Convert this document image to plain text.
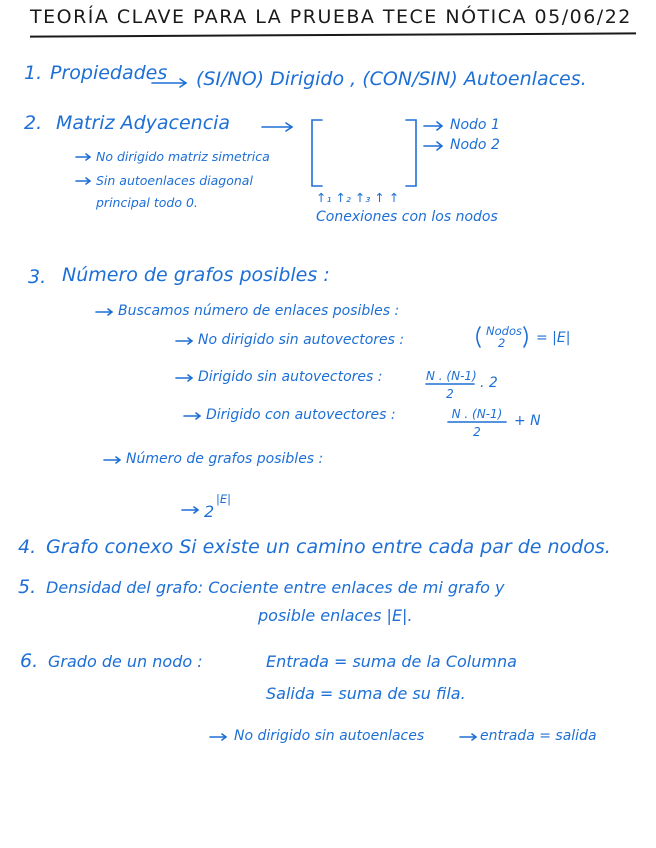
TEORÍA CLAVE PARA LA PRUEBA TECE NÓTICA 05/06/22
1. Propiedades (SI/NO) Dirigido , (CON/SIN) Autoenlaces.
2. Matriz Adyacencia	Nodo 1
Nodo 2
↑₁ ↑₂ ↑₃ ↑ ↑
Conexiones con los nodos
No dirigido matriz simetrica
Sin autoenlaces diagonal
principal todo 0.
3. Número de grafos posibles :
Buscamos número de enlaces posibles :
No dirigido sin autovectores :
Nodos
2 = |E|
Dirigido sin autovectores :	N . (N-1)
2
. 2
Dirigido con autovectores :	N . (N-1)
2
+ N
Número de grafos posibles :
2
|E|
4. Grafo conexo Si existe un camino entre cada par de nodos.
5. Densidad del grafo: Cociente entre enlaces de mi grafo y
posible enlaces |E|.
6. Grado de un nodo :	Entrada = suma de la Columna
Salida = suma de su fila.
No dirigido sin autoenlaces	entrada = salida
